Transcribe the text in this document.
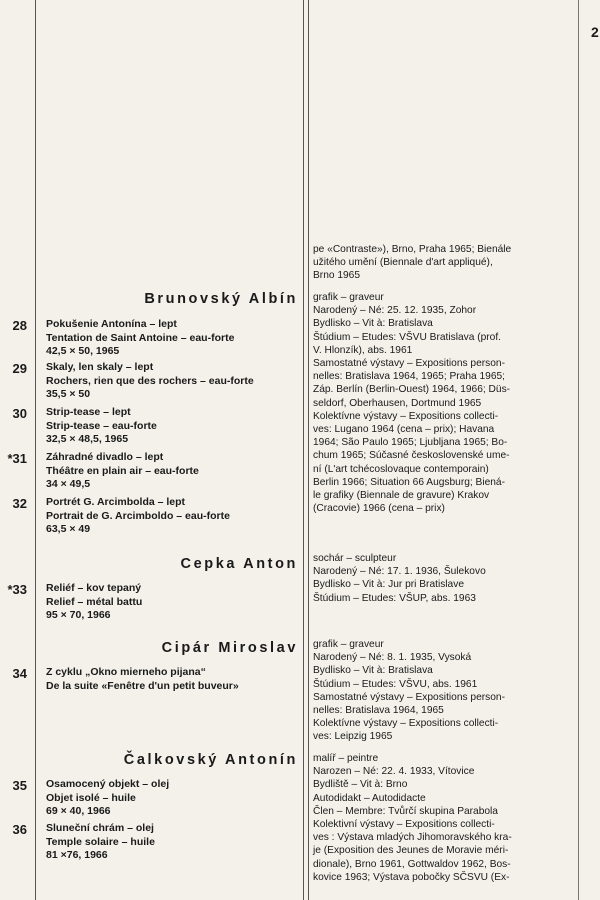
2
pe «Contraste»), Brno, Praha 1965; Bienále
užitého umění (Biennale d'art appliqué),
Brno 1965
Brunovský Albín grafik – graveur
Narodený – Né: 25. 12. 1935, Zohor
Bydlisko – Vit à: Bratislava
Štúdium – Etudes: VŠVU Bratislava (prof.
V. Hlonzík), abs. 1961
Samostatné výstavy – Expositions person-
nelles: Bratislava 1964, 1965; Praha 1965;
Záp. Berlín (Berlin-Ouest) 1964, 1966; Düs-
seldorf, Oberhausen, Dortmund 1965
Kolektívne výstavy – Expositions collecti-
ves: Lugano 1964 (cena – prix); Havana
1964; São Paulo 1965; Ljubljana 1965; Bo-
chum 1965; Súčasné československé ume-
ní (L'art tchécoslovaque contemporain)
Berlin 1966; Situation 66 Augsburg; Biená-
le grafiky (Biennale de gravure) Krakov
(Cracovie) 1966 (cena – prix)
28 Pokušenie Antonína – lept
Tentation de Saint Antoine – eau-forte
42,5 × 50, 1965
29 Skaly, len skaly – lept
Rochers, rien que des rochers – eau-forte
35,5 × 50
30 Strip-tease – lept
Strip-tease – eau-forte
32,5 × 48,5, 1965
*31 Záhradné divadlo – lept
Théâtre en plain air – eau-forte
34 × 49,5
32 Portrét G. Arcimbolda – lept
Portrait de G. Arcimboldo – eau-forte
63,5 × 49
Cepka Anton sochár – sculpteur
Narodený – Né: 17. 1. 1936, Šulekovo
Bydlisko – Vit à: Jur pri Bratislave
Štúdium – Etudes: VŠUP, abs. 1963
*33 Reliéf – kov tepaný
Relief – métal battu
95 × 70, 1966
Cipár Miroslav grafik – graveur
Narodený – Né: 8. 1. 1935, Vysoká
Bydlisko – Vit à: Bratislava
Štúdium – Etudes: VŠVU, abs. 1961
Samostatné výstavy – Expositions person-
nelles: Bratislava 1964, 1965
Kolektívne výstavy – Expositions collecti-
ves: Leipzig 1965
34 Z cyklu „Okno mierneho pijana“
De la suite «Fenêtre d'un petit buveur»
Čalkovský Antonín malíř – peintre
Narozen – Né: 22. 4. 1933, Vítovice
Bydliště – Vit à: Brno
Autodidakt – Autodidacte
Člen – Membre: Tvůrčí skupina Parabola
Kolektivní výstavy – Expositions collecti-
ves : Výstava mladých Jihomoravského kra-
je (Exposition des Jeunes de Moravie méri-
dionale), Brno 1961, Gottwaldov 1962, Bos-
kovice 1963; Výstava pobočky SČSVU (Ex-
35 Osamocený objekt – olej
Objet isolé – huile
69 × 40, 1966
36 Sluneční chrám – olej
Temple solaire – huile
81 ×76, 1966
